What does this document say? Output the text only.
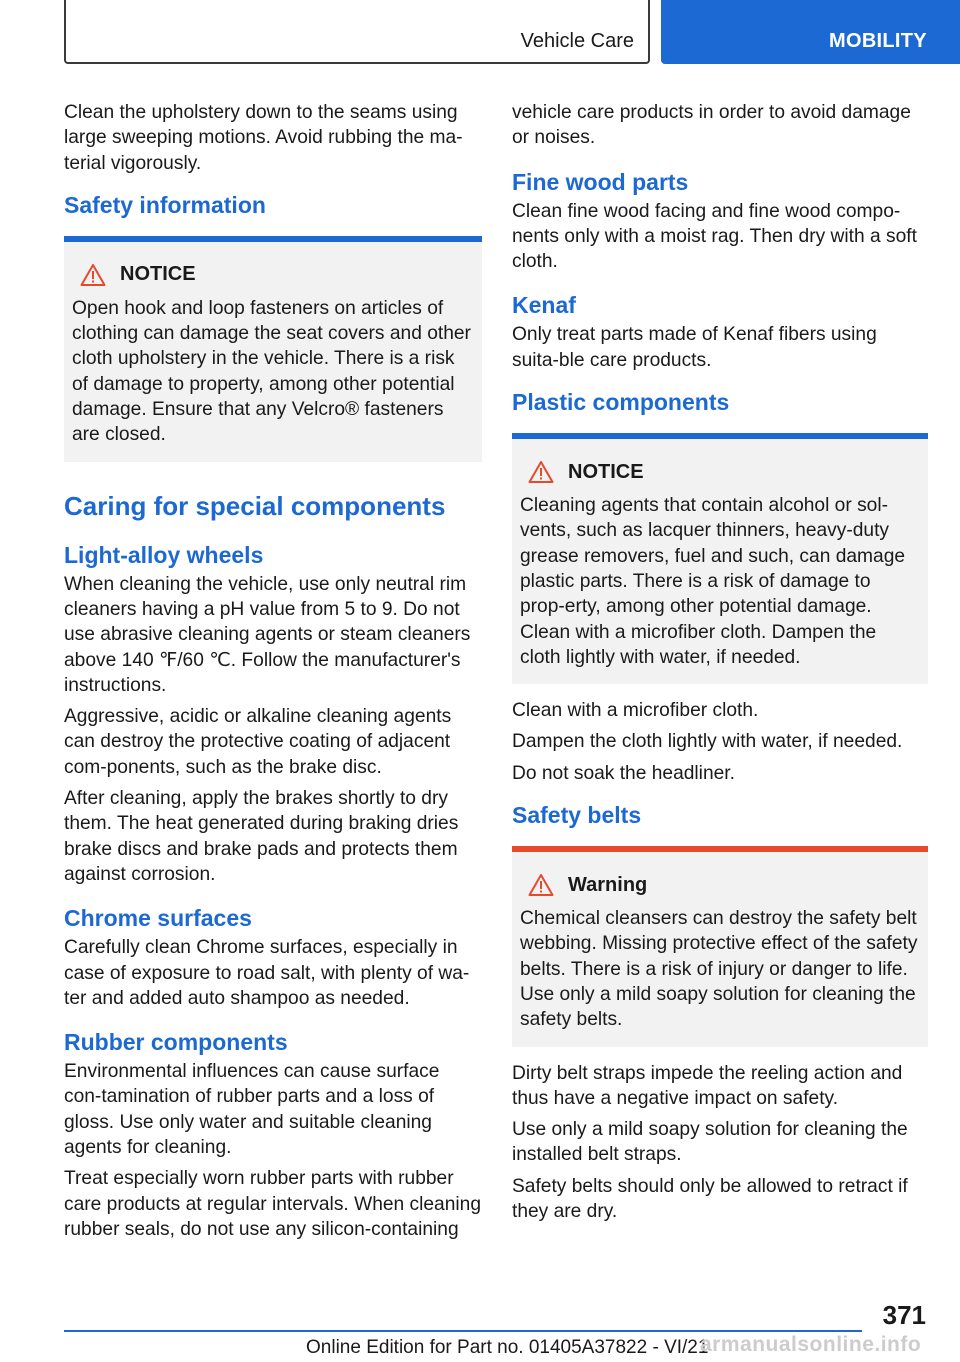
Vehicle Care	MOBILITY

Clean the upholstery down to the seams using large sweeping motions. Avoid rubbing the ma‐terial vigorously.

Safety information
NOTICE

Open hook and loop fasteners on articles of clothing can damage the seat covers and other cloth upholstery in the vehicle. There is a risk of damage to property, among other potential damage. Ensure that any Velcro® fasteners are closed.

Caring for special components
Light-alloy wheels

When cleaning the vehicle, use only neutral rim cleaners having a pH value from 5 to 9. Do not use abrasive cleaning agents or steam cleaners above 140 ℉/60 ℃. Follow the manufacturer's instructions.

Aggressive, acidic or alkaline cleaning agents can destroy the protective coating of adjacent com‐ponents, such as the brake disc.

After cleaning, apply the brakes shortly to dry them. The heat generated during braking dries brake discs and brake pads and protects them against corrosion.

Chrome surfaces

Carefully clean Chrome surfaces, especially in case of exposure to road salt, with plenty of wa‐ter and added auto shampoo as needed.

Rubber components

Environmental influences can cause surface con‐tamination of rubber parts and a loss of gloss. Use only water and suitable cleaning agents for cleaning.

Treat especially worn rubber parts with rubber care products at regular intervals. When cleaning rubber seals, do not use any silicon-containing

vehicle care products in order to avoid damage or noises.

Fine wood parts

Clean fine wood facing and fine wood compo‐nents only with a moist rag. Then dry with a soft cloth.

Kenaf

Only treat parts made of Kenaf fibers using suita‐ble care products.

Plastic components
NOTICE

Cleaning agents that contain alcohol or sol‐vents, such as lacquer thinners, heavy-duty grease removers, fuel and such, can damage plastic parts. There is a risk of damage to prop‐erty, among other potential damage. Clean with a microfiber cloth. Dampen the cloth lightly with water, if needed.

Clean with a microfiber cloth.

Dampen the cloth lightly with water, if needed.

Do not soak the headliner.

Safety belts
Warning

Chemical cleansers can destroy the safety belt webbing. Missing protective effect of the safety belts. There is a risk of injury or danger to life. Use only a mild soapy solution for cleaning the safety belts.

Dirty belt straps impede the reeling action and thus have a negative impact on safety.

Use only a mild soapy solution for cleaning the installed belt straps.

Safety belts should only be allowed to retract if they are dry.

371
Online Edition for Part no. 01405A37822 - VI/21
armanualsonline.info
